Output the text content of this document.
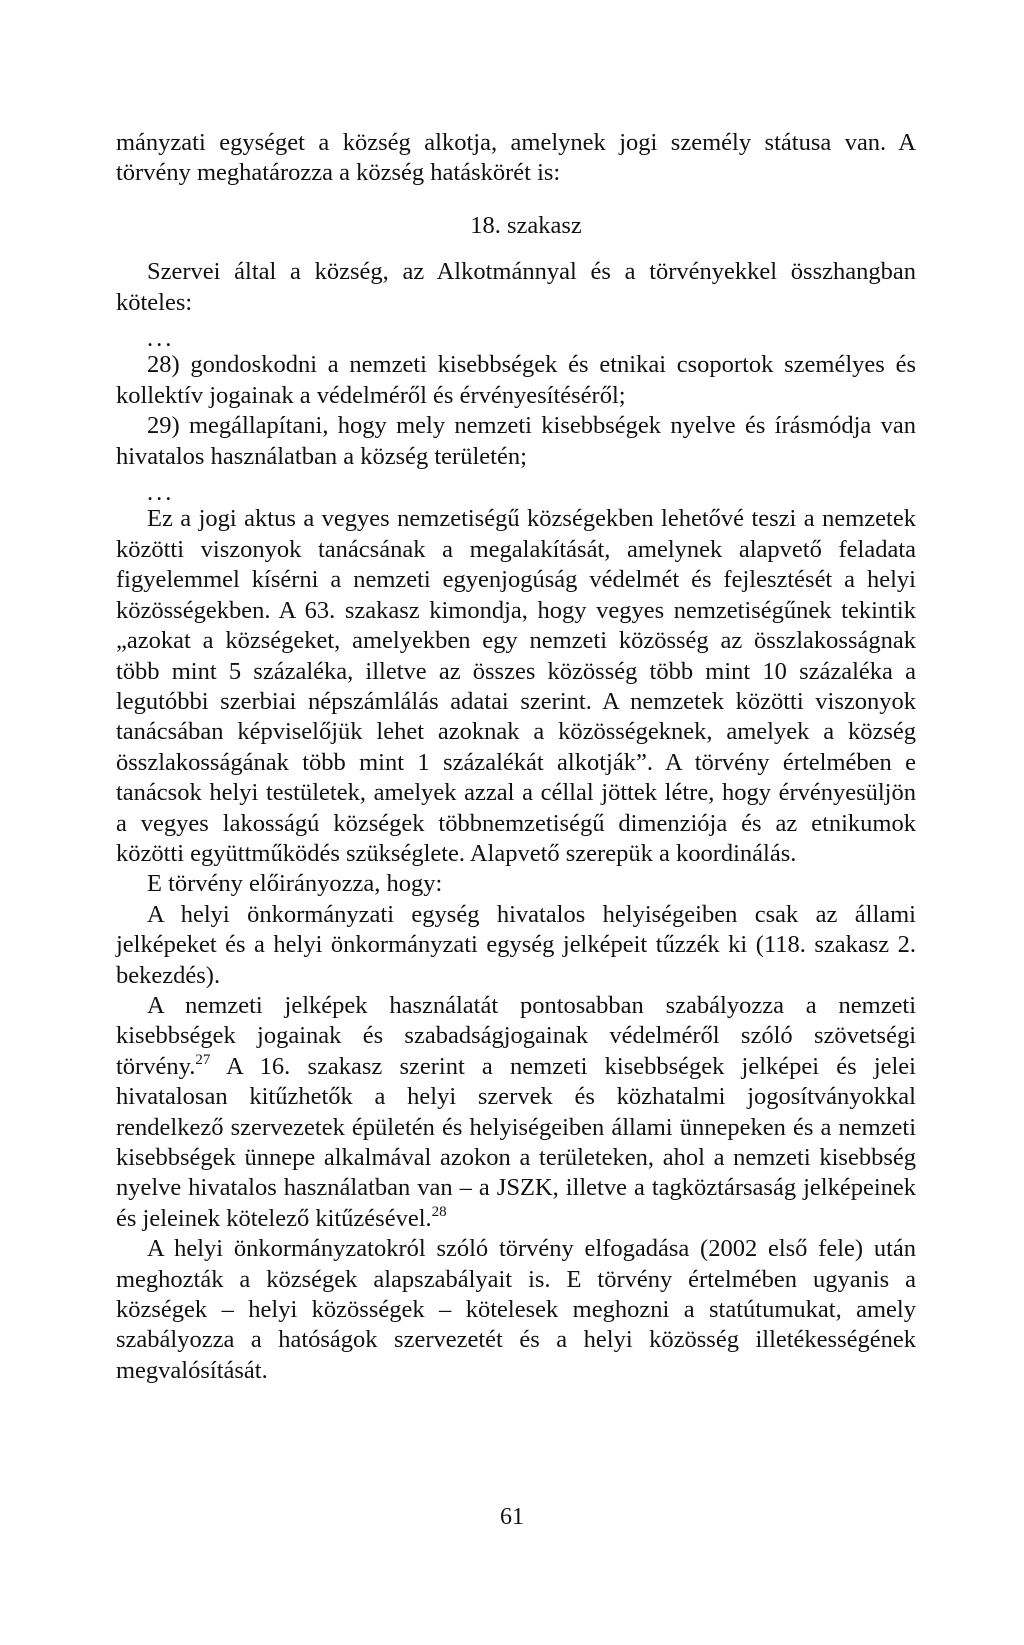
mányzati egységet a község alkotja, amelynek jogi személy státusa van. A törvény meghatározza a község hatáskörét is:

18. szakasz

Szervei által a község, az Alkotmánnyal és a törvényekkel összhangban köteles:

...

28) gondoskodni a nemzeti kisebbségek és etnikai csoportok személyes és kollektív jogainak a védelméről és érvényesítéséről;

29) megállapítani, hogy mely nemzeti kisebbségek nyelve és írásmódja van hivatalos használatban a község területén;

...

Ez a jogi aktus a vegyes nemzetiségű községekben lehetővé teszi a nemzetek közötti viszonyok tanácsának a megalakítását, amelynek alapvető feladata figyelemmel kísérni a nemzeti egyenjogúság védelmét és fejlesztését a helyi közösségekben. A 63. szakasz kimondja, hogy vegyes nemzetiségűnek tekintik „azokat a községeket, amelyekben egy nemzeti közösség az összlakosságnak több mint 5 százaléka, illetve az összes közösség több mint 10 százaléka a legutóbbi szerbiai népszámlálás adatai szerint. A nemzetek közötti viszonyok tanácsában képviselőjük lehet azoknak a közösségeknek, amelyek a község összlakosságának több mint 1 százalékát alkotják”. A törvény értelmében e tanácsok helyi testületek, amelyek azzal a céllal jöttek létre, hogy érvényesüljön a vegyes lakosságú községek többnemzetiségű dimenziója és az etnikumok közötti együttműködés szükséglete. Alapvető szerepük a koordinálás.

E törvény előirányozza, hogy:

A helyi önkormányzati egység hivatalos helyiségeiben csak az állami jelképeket és a helyi önkormányzati egység jelképeit tűzzék ki (118. szakasz 2. bekezdés).

A nemzeti jelképek használatát pontosabban szabályozza a nemzeti kisebbségek jogainak és szabadságjogainak védelméről szóló szövetségi törvény.$^{27}$ A 16. szakasz szerint a nemzeti kisebbségek jelképei és jelei hivatalosan kitűzhetők a helyi szervek és közhatalmi jogosítványokkal rendelkező szervezetek épületén és helyiségeiben állami ünnepeken és a nemzeti kisebbségek ünnepe alkalmával azokon a területeken, ahol a nemzeti kisebbség nyelve hivatalos használatban van – a JSZK, illetve a tagköztársaság jelképeinek és jeleinek kötelező kitűzésével.$^{28}$

A helyi önkormányzatokról szóló törvény elfogadása (2002 első fele) után meghozták a községek alapszabályait is. E törvény értelmében ugyanis a községek – helyi közösségek – kötelesek meghozni a statútumukat, amely szabályozza a hatóságok szervezetét és a helyi közösség illetékességének megvalósítását.

61
